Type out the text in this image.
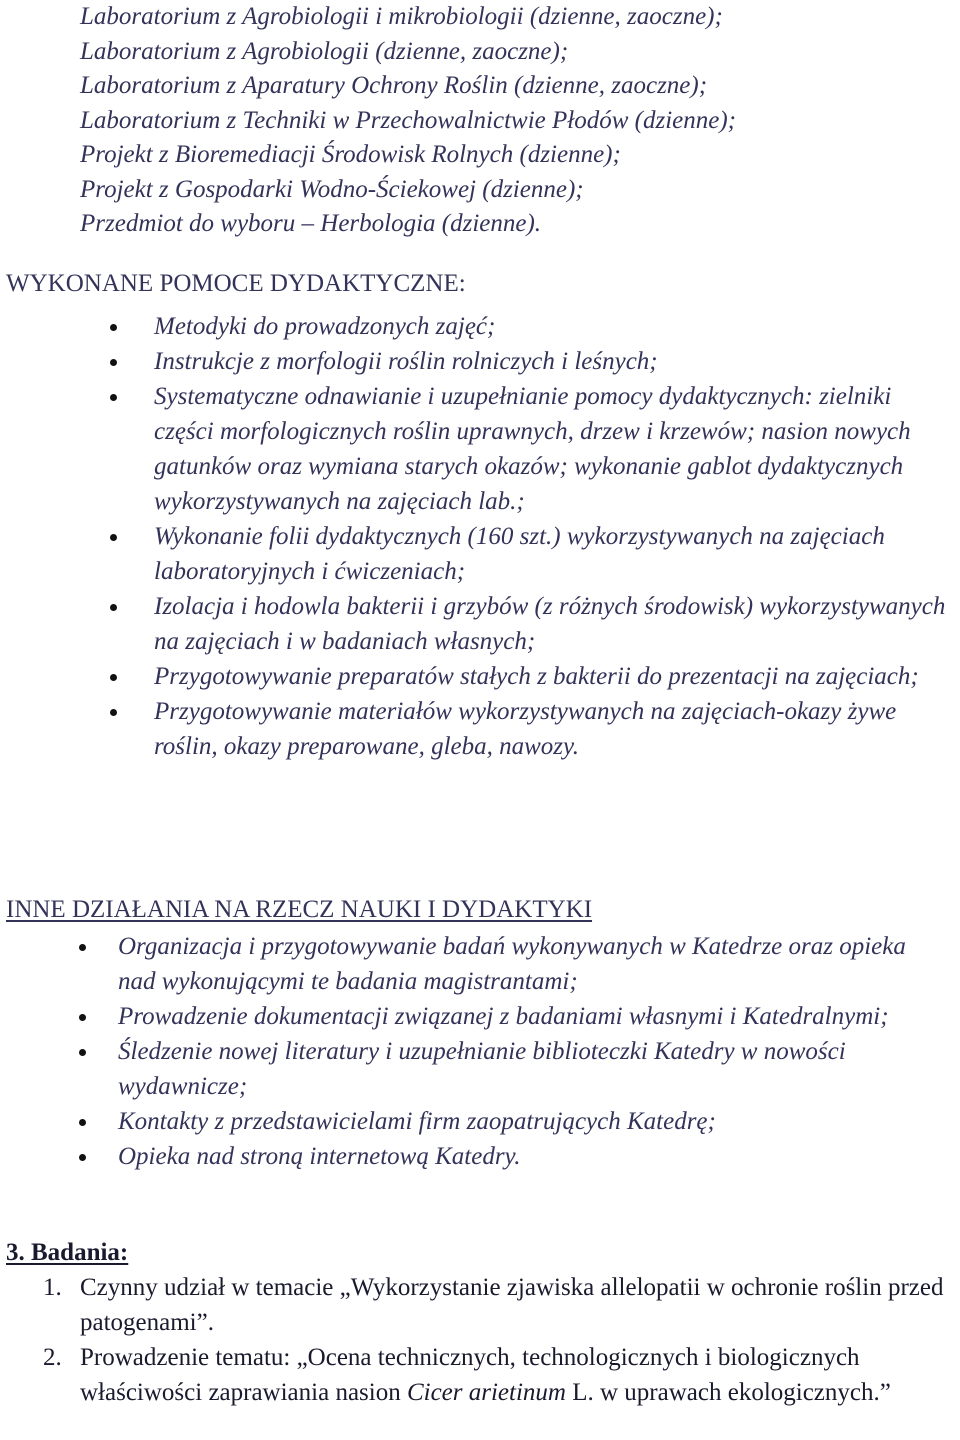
Laboratorium z Agrobiologii i mikrobiologii (dzienne, zaoczne);
Laboratorium z Agrobiologii (dzienne, zaoczne);
Laboratorium z Aparatury Ochrony Roślin (dzienne, zaoczne);
Laboratorium z Techniki w Przechowalnictwie Płodów (dzienne);
Projekt z Bioremediacji Środowisk Rolnych (dzienne);
Projekt z Gospodarki Wodno-Ściekowej (dzienne);
Przedmiot do wyboru – Herbologia (dzienne).
WYKONANE POMOCE DYDAKTYCZNE:
Metodyki do prowadzonych zajęć;
Instrukcje z morfologii roślin rolniczych i leśnych;
Systematyczne odnawianie i uzupełnianie pomocy dydaktycznych: zielniki części morfologicznych roślin uprawnych, drzew i krzewów; nasion nowych gatunków oraz wymiana starych okazów; wykonanie gablot dydaktycznych wykorzystywanych na zajęciach lab.;
Wykonanie folii dydaktycznych (160 szt.) wykorzystywanych na zajęciach laboratoryjnych i ćwiczeniach;
Izolacja i hodowla bakterii i grzybów (z różnych środowisk) wykorzystywanych na zajęciach i w badaniach własnych;
Przygotowywanie preparatów stałych z bakterii do prezentacji na zajęciach;
Przygotowywanie materiałów wykorzystywanych na zajęciach-okazy żywe roślin, okazy preparowane, gleba, nawozy.
INNE DZIAŁANIA NA RZECZ NAUKI I DYDAKTYKI
Organizacja i przygotowywanie badań wykonywanych w Katedrze oraz opieka nad wykonującymi te badania magistrantami;
Prowadzenie dokumentacji związanej z badaniami własnymi i Katedralnymi;
Śledzenie nowej literatury i uzupełnianie biblioteczki Katedry w nowości wydawnicze;
Kontakty z przedstawicielami firm zaopatrujących Katedrę;
Opieka nad stroną internetową Katedry.
3. Badania:
1. Czynny udział w temacie „Wykorzystanie zjawiska allelopatii w ochronie roślin przed patogenami”.
2. Prowadzenie tematu: „Ocena technicznych, technologicznych i biologicznych właściwości zaprawiania nasion Cicer arietinum L. w uprawach ekologicznych.”
